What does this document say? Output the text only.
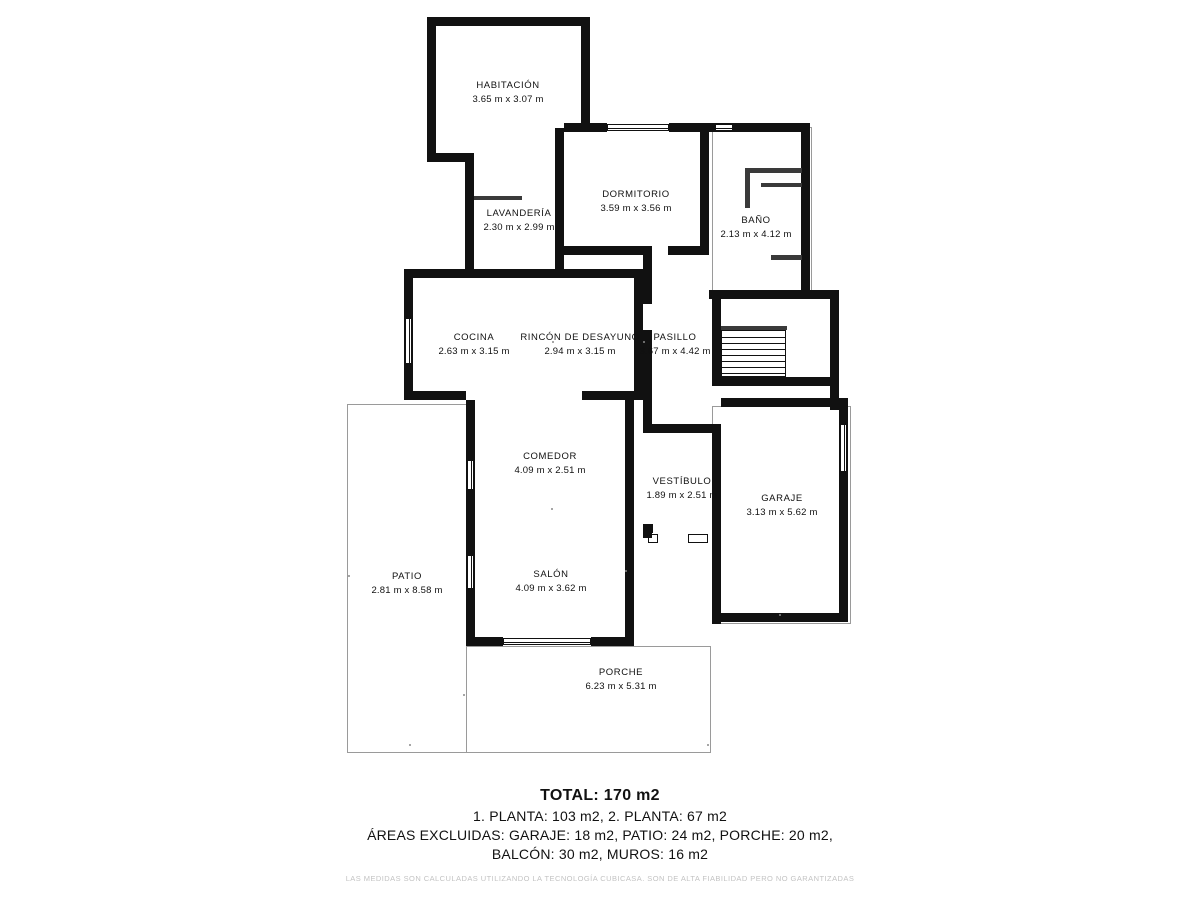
HABITACIÓN
3.65 m x 3.07 m
LAVANDERÍA
2.30 m x 2.99 m
DORMITORIO
3.59 m x 3.56 m
BAÑO
2.13 m x 4.12 m
COCINA
2.63 m x 3.15 m
RINCÓN DE DESAYUNO
2.94 m x 3.15 m
PASILLO
3.67 m x 4.42 m
COMEDOR
4.09 m x 2.51 m
VESTÍBULO
1.89 m x 2.51 m	GARAJE
3.13 m x 5.62 m
PATIO
2.81 m x 8.58 m
SALÓN
4.09 m x 3.62 m
PORCHE
6.23 m x 5.31 m
TOTAL: 170 m2
1. PLANTA: 103 m2, 2. PLANTA: 67 m2
ÁREAS EXCLUIDAS: GARAJE: 18 m2, PATIO: 24 m2, PORCHE: 20 m2,
BALCÓN: 30 m2, MUROS: 16 m2
LAS MEDIDAS SON CALCULADAS UTILIZANDO LA TECNOLOGÍA CUBICASA. SON DE ALTA FIABILIDAD PERO NO GARANTIZADAS
